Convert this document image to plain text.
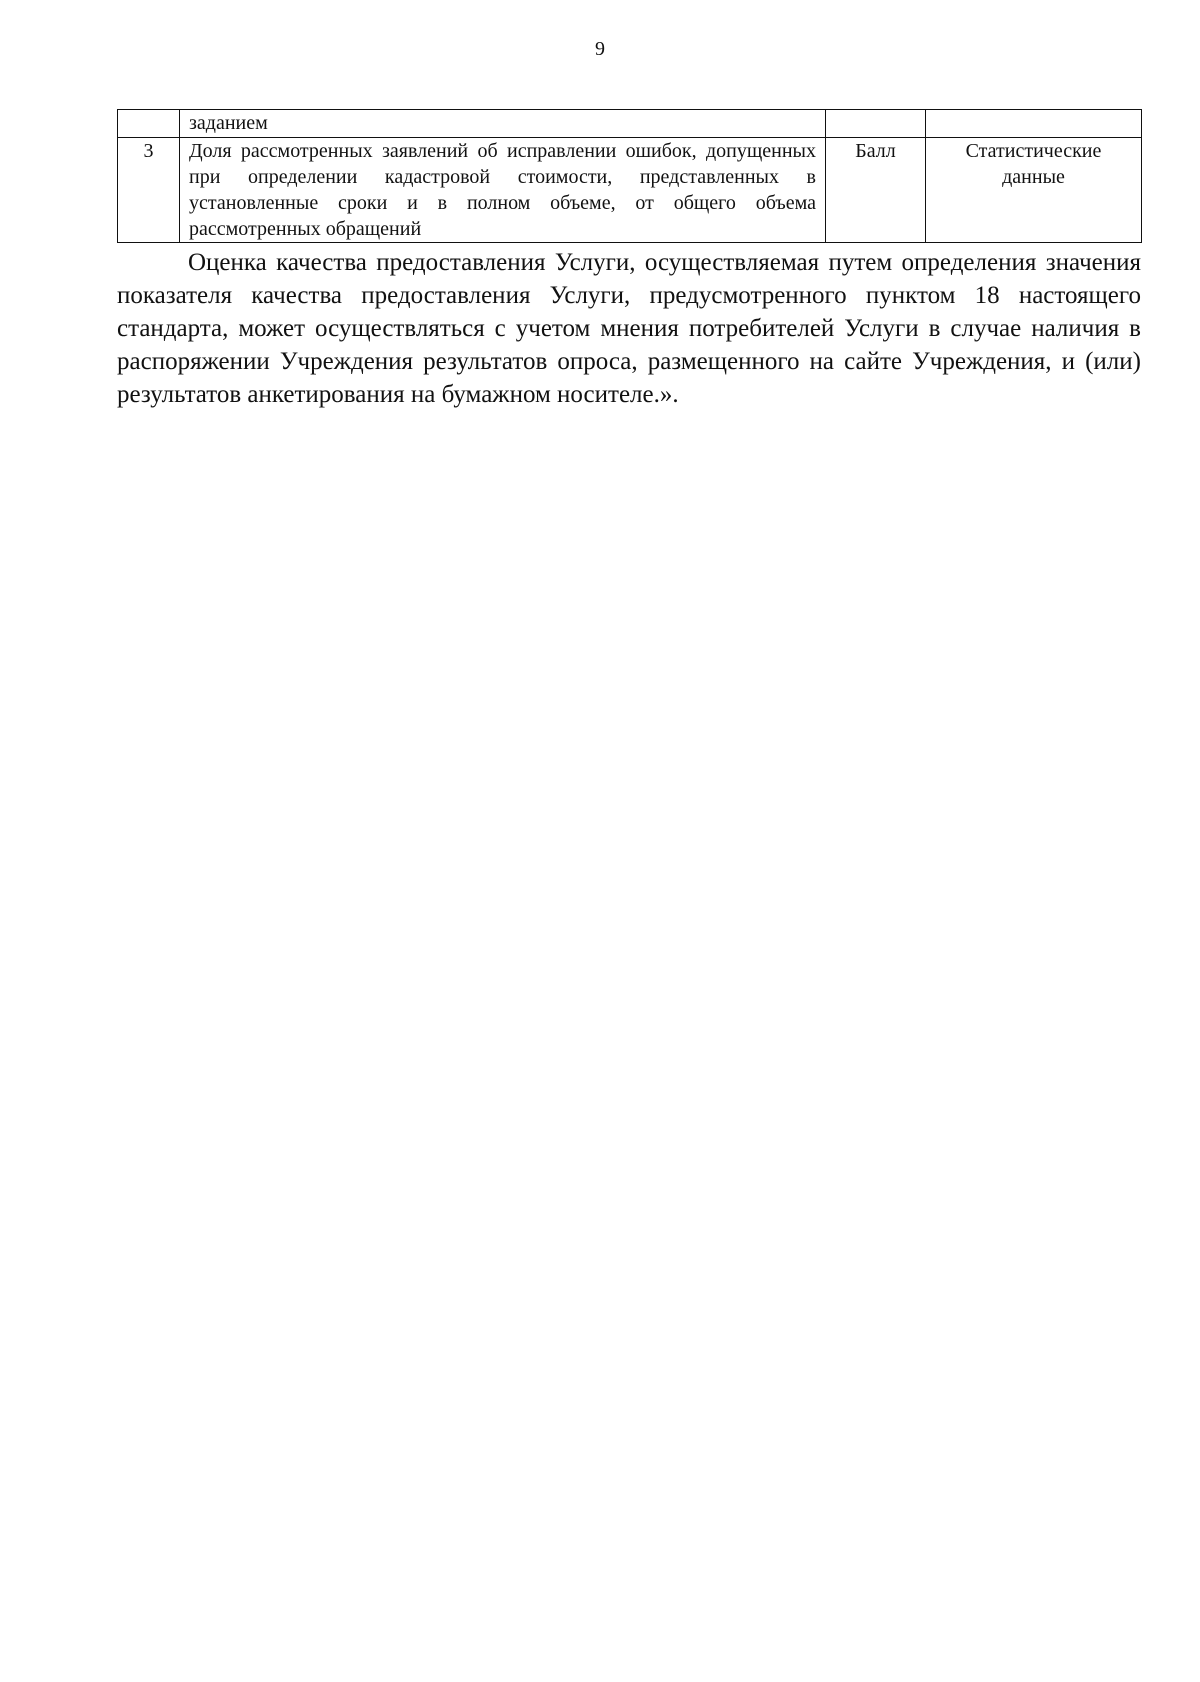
9
	заданием		
3	Доля рассмотренных заявлений об исправлении ошибок, допущенных при определении кадастровой стоимости, представленных в установленные сроки и в полном объеме, от общего объема рассмотренных обращений	Балл	Статистические данные

Оценка качества предоставления Услуги, осуществляемая путем определения значения показателя качества предоставления Услуги, предусмотренного пунктом 18 настоящего стандарта, может осуществляться с учетом мнения потребителей Услуги в случае наличия в распоряжении Учреждения результатов опроса, размещенного на сайте Учреждения, и (или) результатов анкетирования на бумажном носителе.».
